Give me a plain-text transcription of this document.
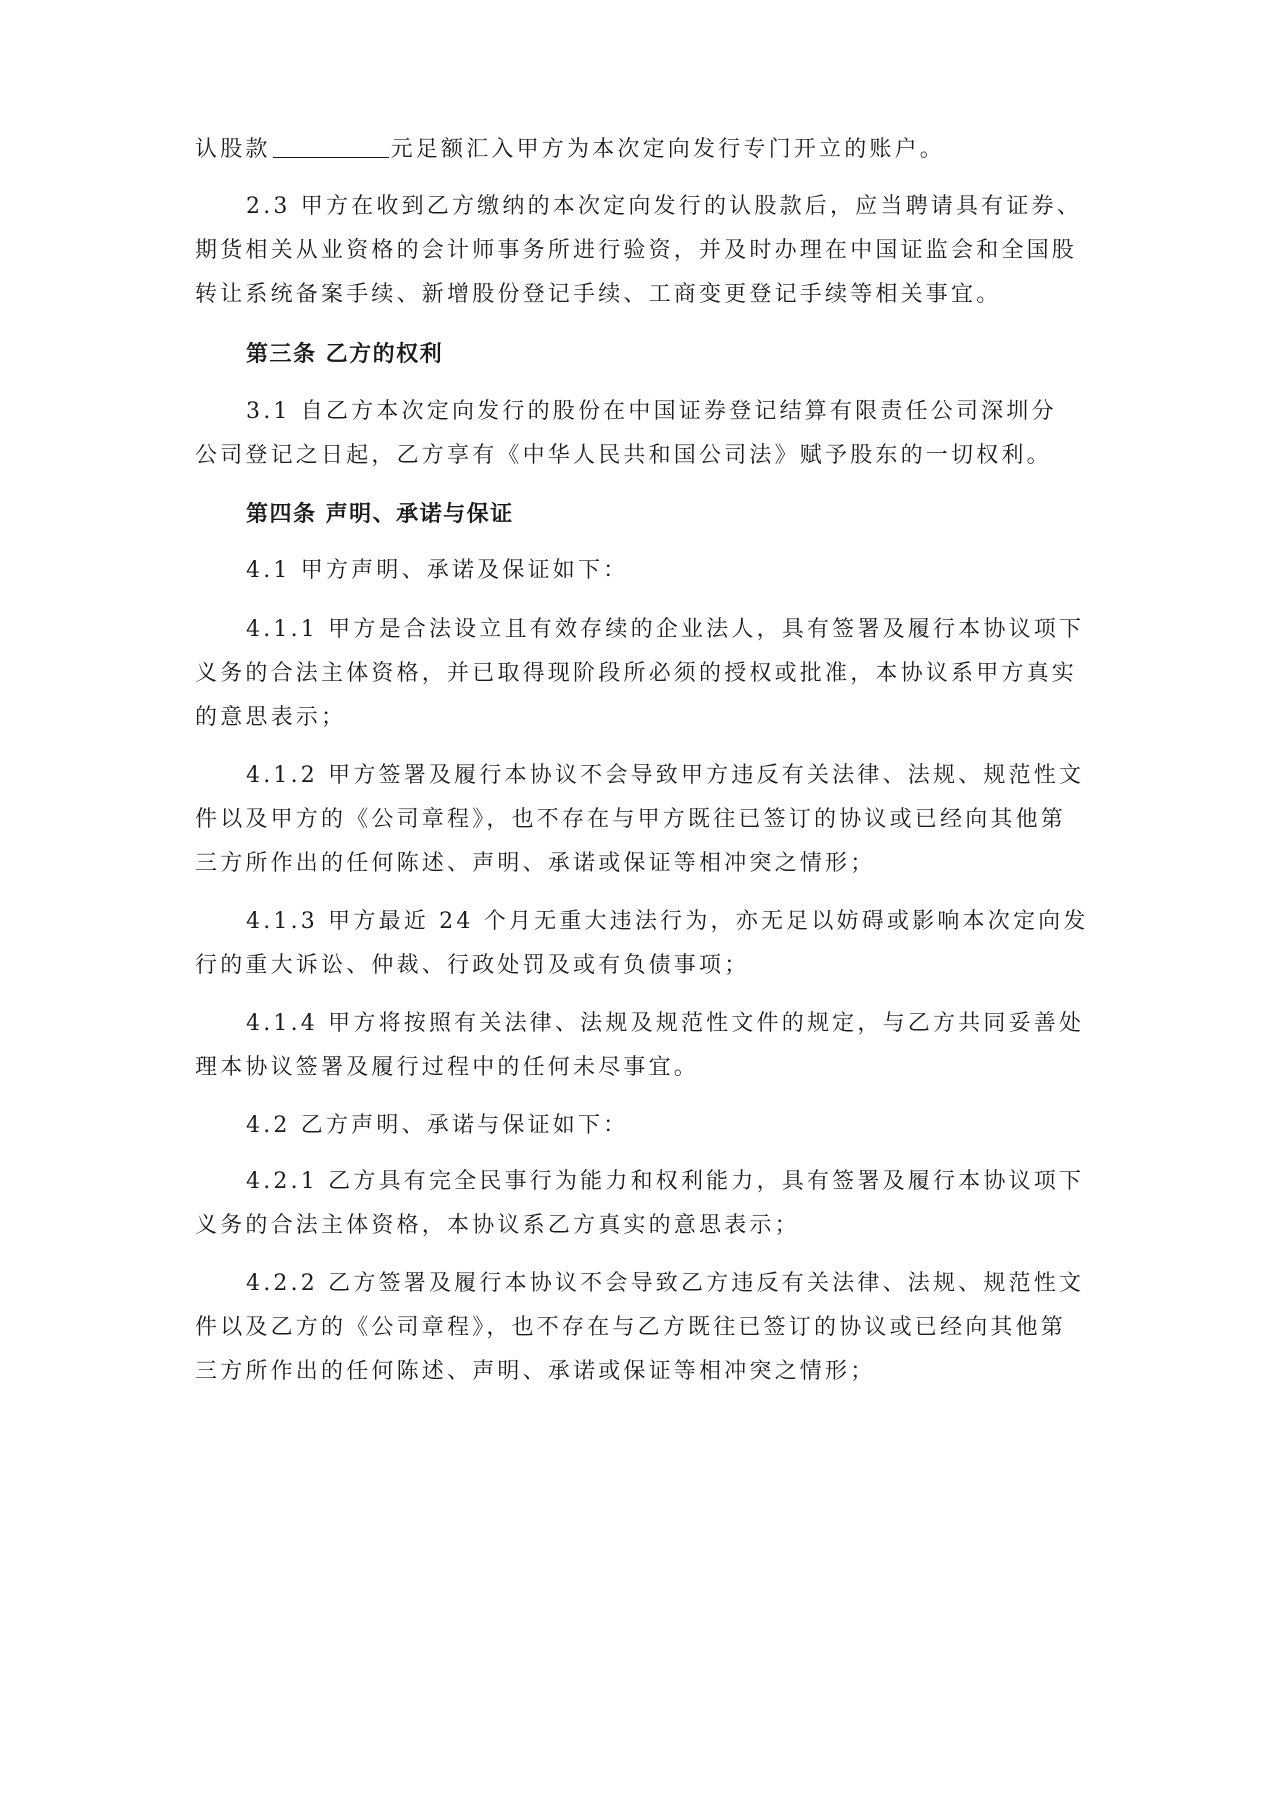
认股款	元足额汇入甲方为本次定向发行专门开立的账户。
2.3 甲方在收到乙方缴纳的本次定向发行的认股款后，应当聘请具有证券、
期货相关从业资格的会计师事务所进行验资，并及时办理在中国证监会和全国股
转让系统备案手续、新增股份登记手续、工商变更登记手续等相关事宜。
第三条 乙方的权利
3.1 自乙方本次定向发行的股份在中国证券登记结算有限责任公司深圳分
公司登记之日起，乙方享有《中华人民共和国公司法》赋予股东的一切权利。
第四条 声明、承诺与保证
4.1 甲方声明、承诺及保证如下：
4.1.1 甲方是合法设立且有效存续的企业法人，具有签署及履行本协议项下
义务的合法主体资格，并已取得现阶段所必须的授权或批准，本协议系甲方真实
的意思表示；
4.1.2 甲方签署及履行本协议不会导致甲方违反有关法律、法规、规范性文
件以及甲方的《公司章程》，也不存在与甲方既往已签订的协议或已经向其他第
三方所作出的任何陈述、声明、承诺或保证等相冲突之情形；
4.1.3 甲方最近 24 个月无重大违法行为，亦无足以妨碍或影响本次定向发
行的重大诉讼、仲裁、行政处罚及或有负债事项；
4.1.4 甲方将按照有关法律、法规及规范性文件的规定，与乙方共同妥善处
理本协议签署及履行过程中的任何未尽事宜。
4.2 乙方声明、承诺与保证如下：
4.2.1 乙方具有完全民事行为能力和权利能力，具有签署及履行本协议项下
义务的合法主体资格，本协议系乙方真实的意思表示；
4.2.2 乙方签署及履行本协议不会导致乙方违反有关法律、法规、规范性文
件以及乙方的《公司章程》，也不存在与乙方既往已签订的协议或已经向其他第
三方所作出的任何陈述、声明、承诺或保证等相冲突之情形；
